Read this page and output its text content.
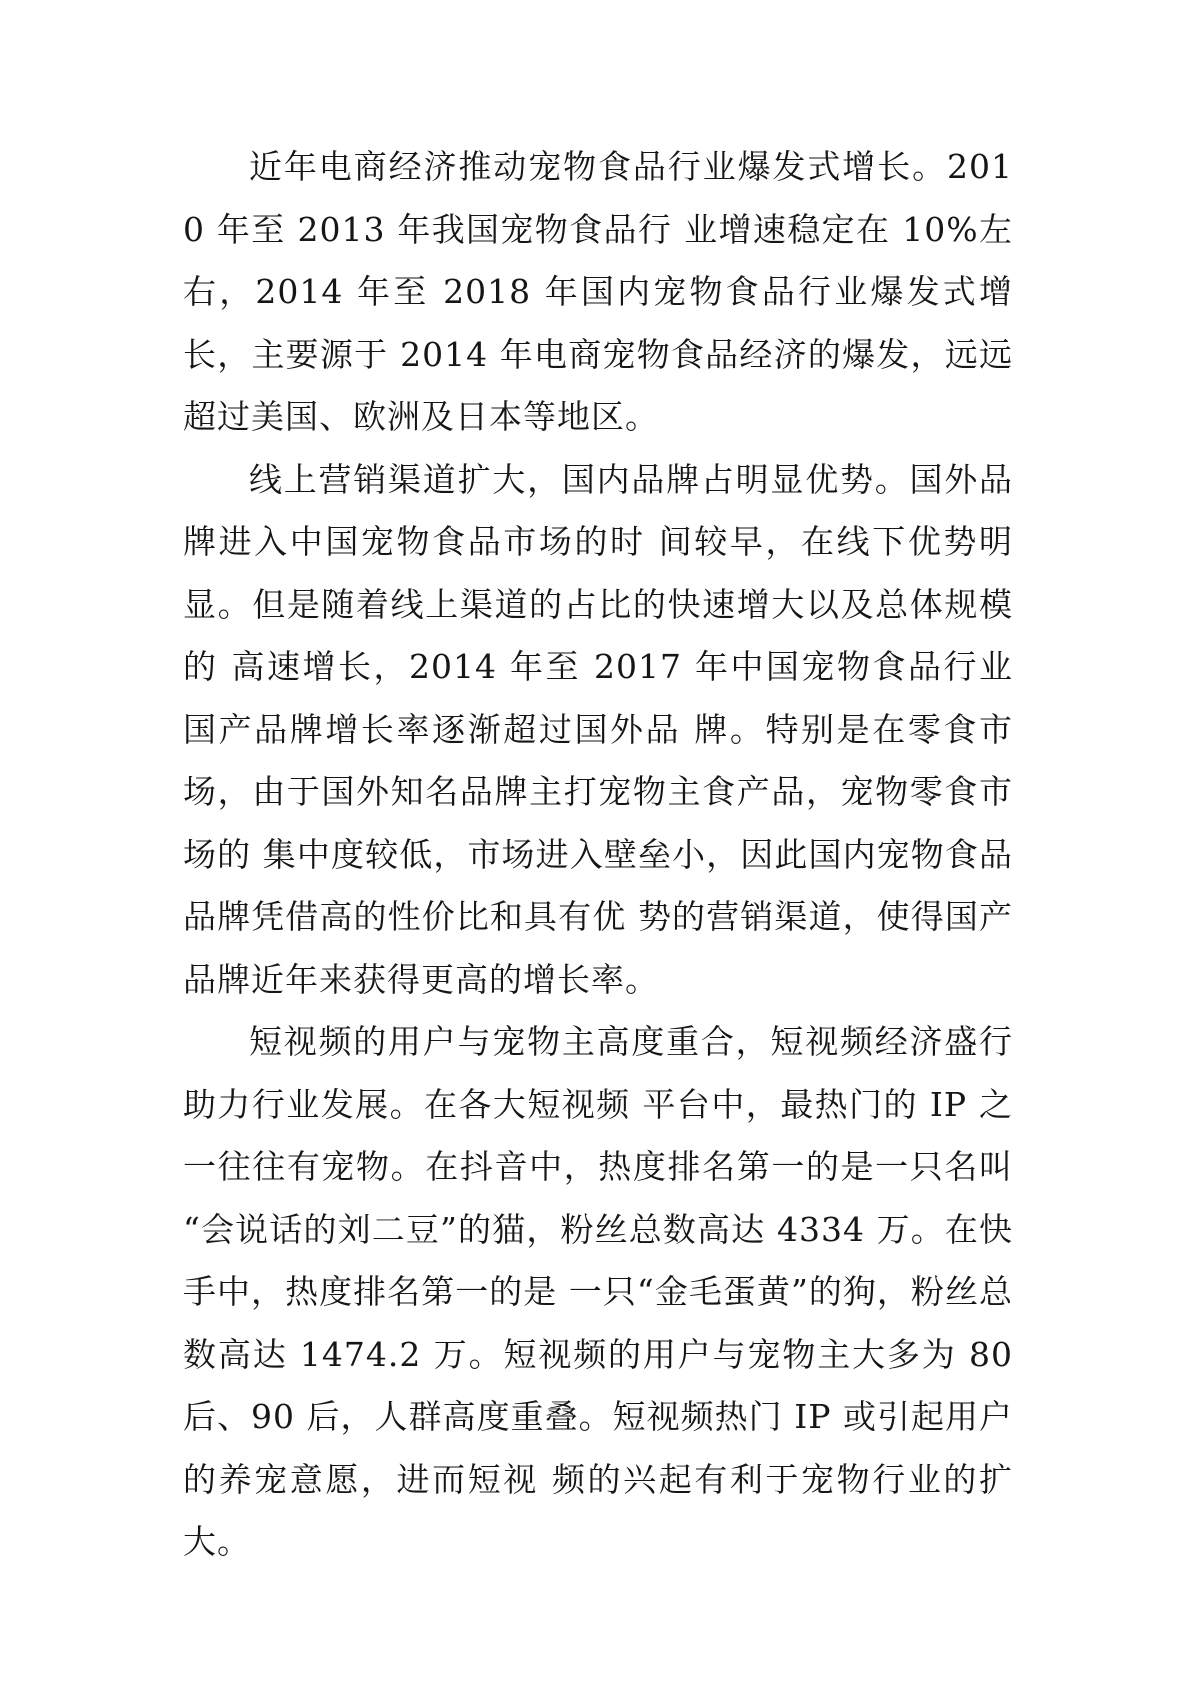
近年电商经济推动宠物食品行业爆发式增长。2010 年至 2013 年我国宠物食品行 业增速稳定在 10%左右，2014 年至 2018 年国内宠物食品行业爆发式增长，主要源于 2014 年电商宠物食品经济的爆发，远远超过美国、欧洲及日本等地区。

线上营销渠道扩大，国内品牌占明显优势。国外品牌进入中国宠物食品市场的时 间较早，在线下优势明显。但是随着线上渠道的占比的快速增大以及总体规模的 高速增长，2014 年至 2017 年中国宠物食品行业国产品牌增长率逐渐超过国外品 牌。特别是在零食市场，由于国外知名品牌主打宠物主食产品，宠物零食市场的 集中度较低，市场进入壁垒小，因此国内宠物食品品牌凭借高的性价比和具有优 势的营销渠道，使得国产品牌近年来获得更高的增长率。

短视频的用户与宠物主高度重合，短视频经济盛行助力行业发展。在各大短视频 平台中，最热门的 IP 之一往往有宠物。在抖音中，热度排名第一的是一只名叫 “会说话的刘二豆”的猫，粉丝总数高达 4334 万。在快手中，热度排名第一的是 一只“金毛蛋黄”的狗，粉丝总数高达 1474.2 万。短视频的用户与宠物主大多为 80 后、90 后，人群高度重叠。短视频热门 IP 或引起用户的养宠意愿，进而短视 频的兴起有利于宠物行业的扩大。
